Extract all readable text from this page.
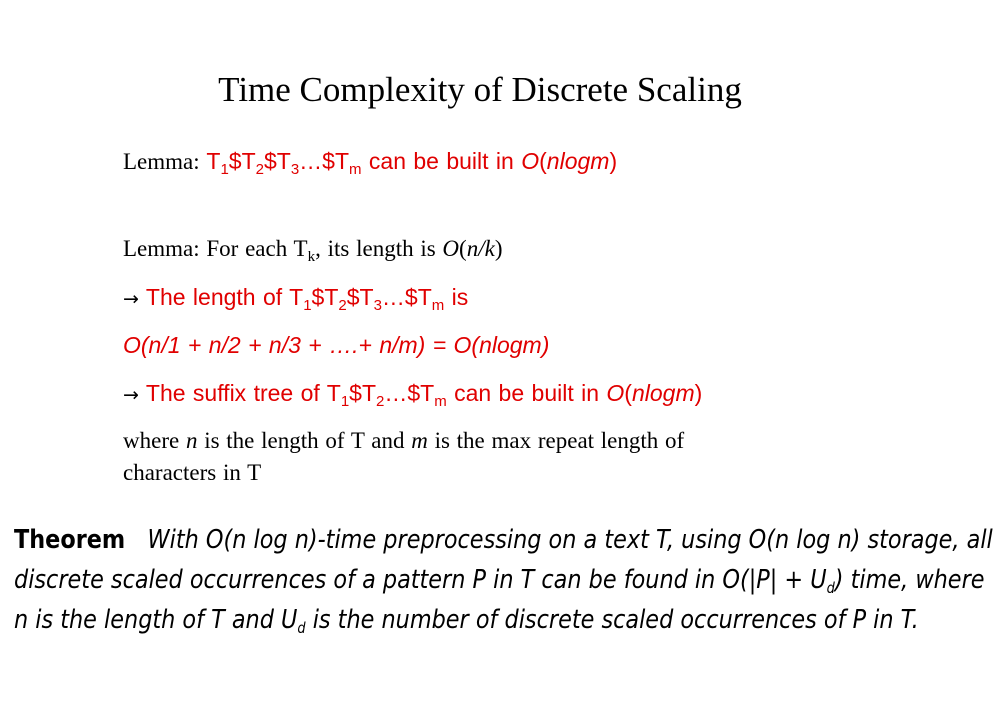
Time Complexity of Discrete Scaling
Lemma: $T_1\$T_2\$T_3\dots\$T_m$ can be built in O(nlogm)
Lemma: For each $T_k$, its length is O(n/k)
→ The length of $T_1\$T_2\$T_3\dots\$T_m$ is
O(n/1 + n/2 + n/3 + ….+ n/m) = O(nlogm)
→ The suffix tree of $T_1\$T_2\dots\$T_m$ can be built in O(nlogm)
where n is the length of T and m is the max repeat length of
characters in T
Theorem With O(n log n)-time preprocessing on a text T, using O(n log n) storage, all
discrete scaled occurrences of a pattern P in T can be found in $O(|P| + U_d)$ time, where
n is the length of T and $U_d$ is the number of discrete scaled occurrences of P in T.
